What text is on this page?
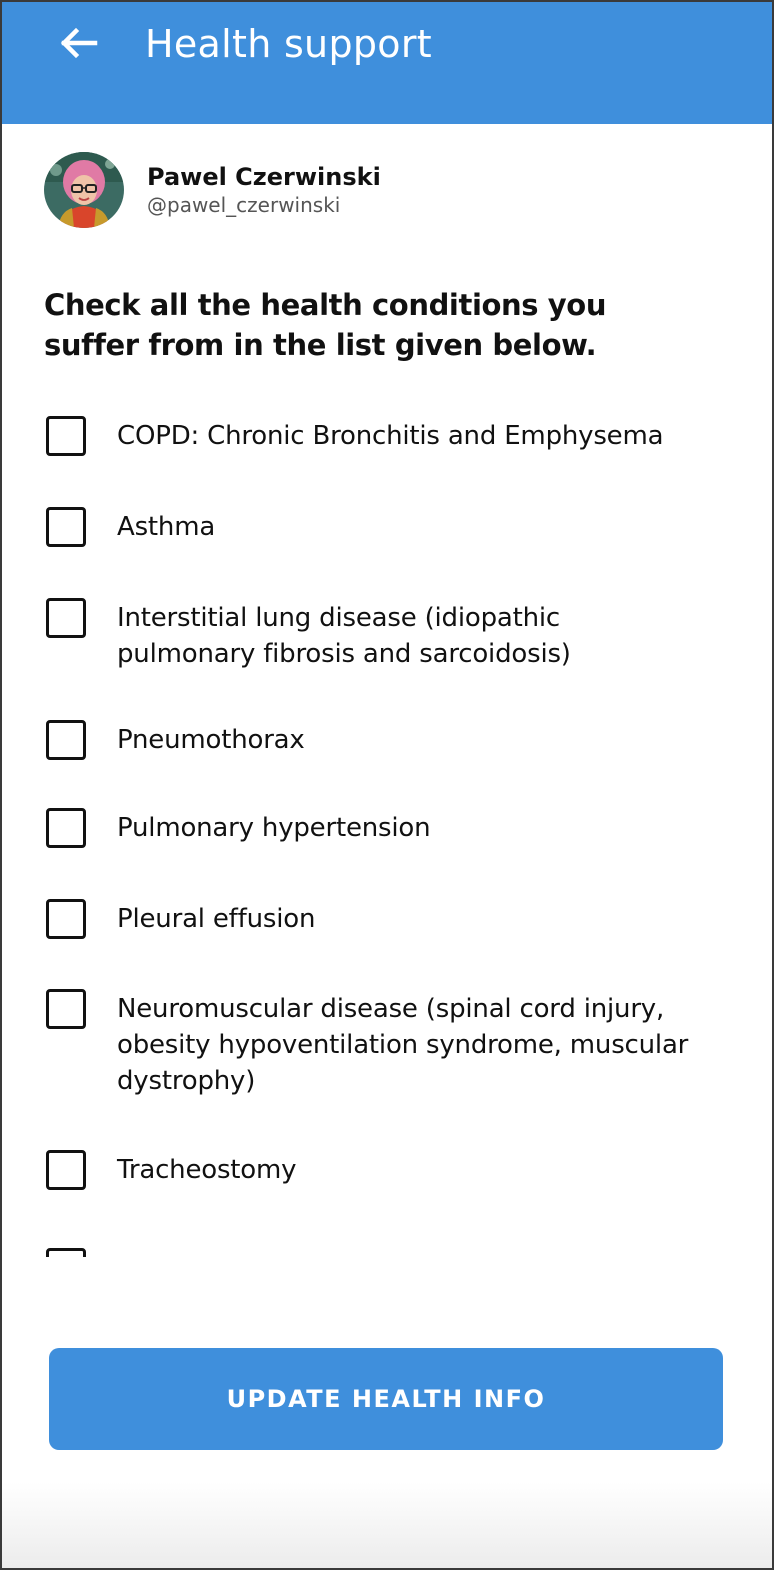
Health support
Pawel Czerwinski
@pawel_czerwinski
Check all the health conditions you suffer from in the list given below.
COPD: Chronic Bronchitis and Emphysema
Asthma
Interstitial lung disease (idiopathic pulmonary fibrosis and sarcoidosis)
Pneumothorax
Pulmonary hypertension
Pleural effusion
Neuromuscular disease (spinal cord injury, obesity hypoventilation syndrome, muscular dystrophy)
Tracheostomy
UPDATE HEALTH INFO
